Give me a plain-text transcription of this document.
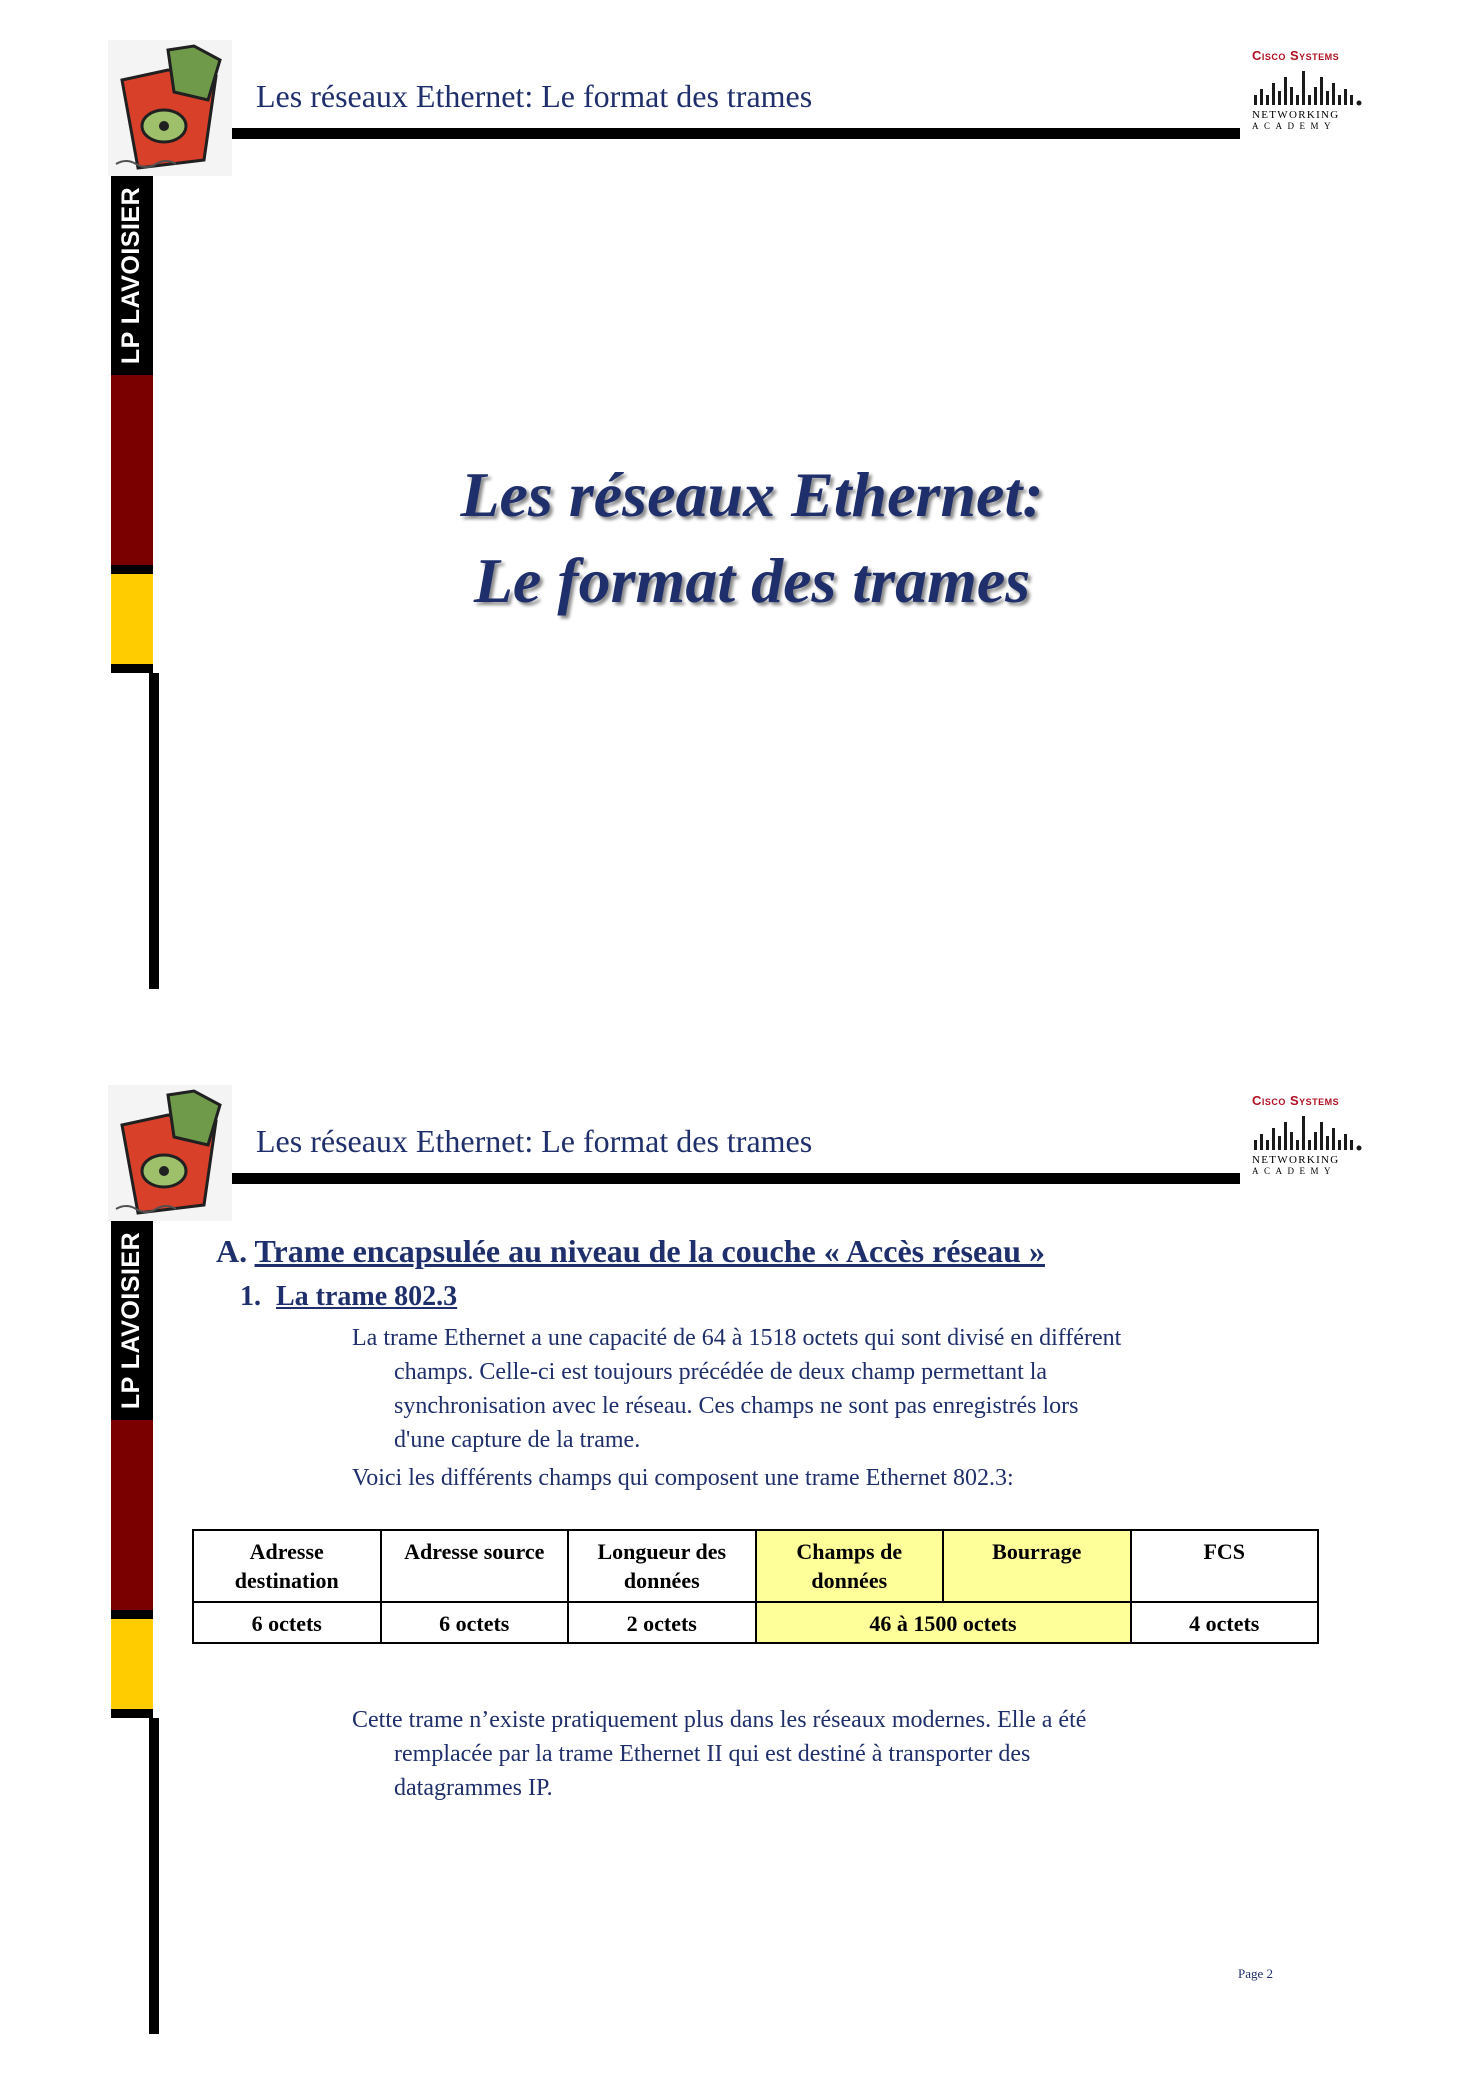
LP LAVOISIER
Les réseaux Ethernet: Le format des trames
Cisco Systems
NETWORKING
ACADEMY
Les réseaux Ethernet:
Le format des trames
LP LAVOISIER
Les réseaux Ethernet: Le format des trames
Cisco Systems
NETWORKING
ACADEMY
A. Trame encapsulée au niveau de la couche « Accès réseau »
1. La trame 802.3
La trame Ethernet a une capacité de 64 à 1518 octets qui sont divisé en différent
champs. Celle-ci est toujours précédée de deux champ permettant la
synchronisation avec le réseau. Ces champs ne sont pas enregistrés lors
d'une capture de la trame.
Voici les différents champs qui composent une trame Ethernet 802.3:
Adresse destination	Adresse source	Longueur des données	Champs de données	Bourrage	FCS
6 octets	6 octets	2 octets	46 à 1500 octets		4 octets
Cette trame n’existe pratiquement plus dans les réseaux modernes. Elle a été
remplacée par la trame Ethernet II qui est destiné à transporter des
datagrammes IP.
Page 2
